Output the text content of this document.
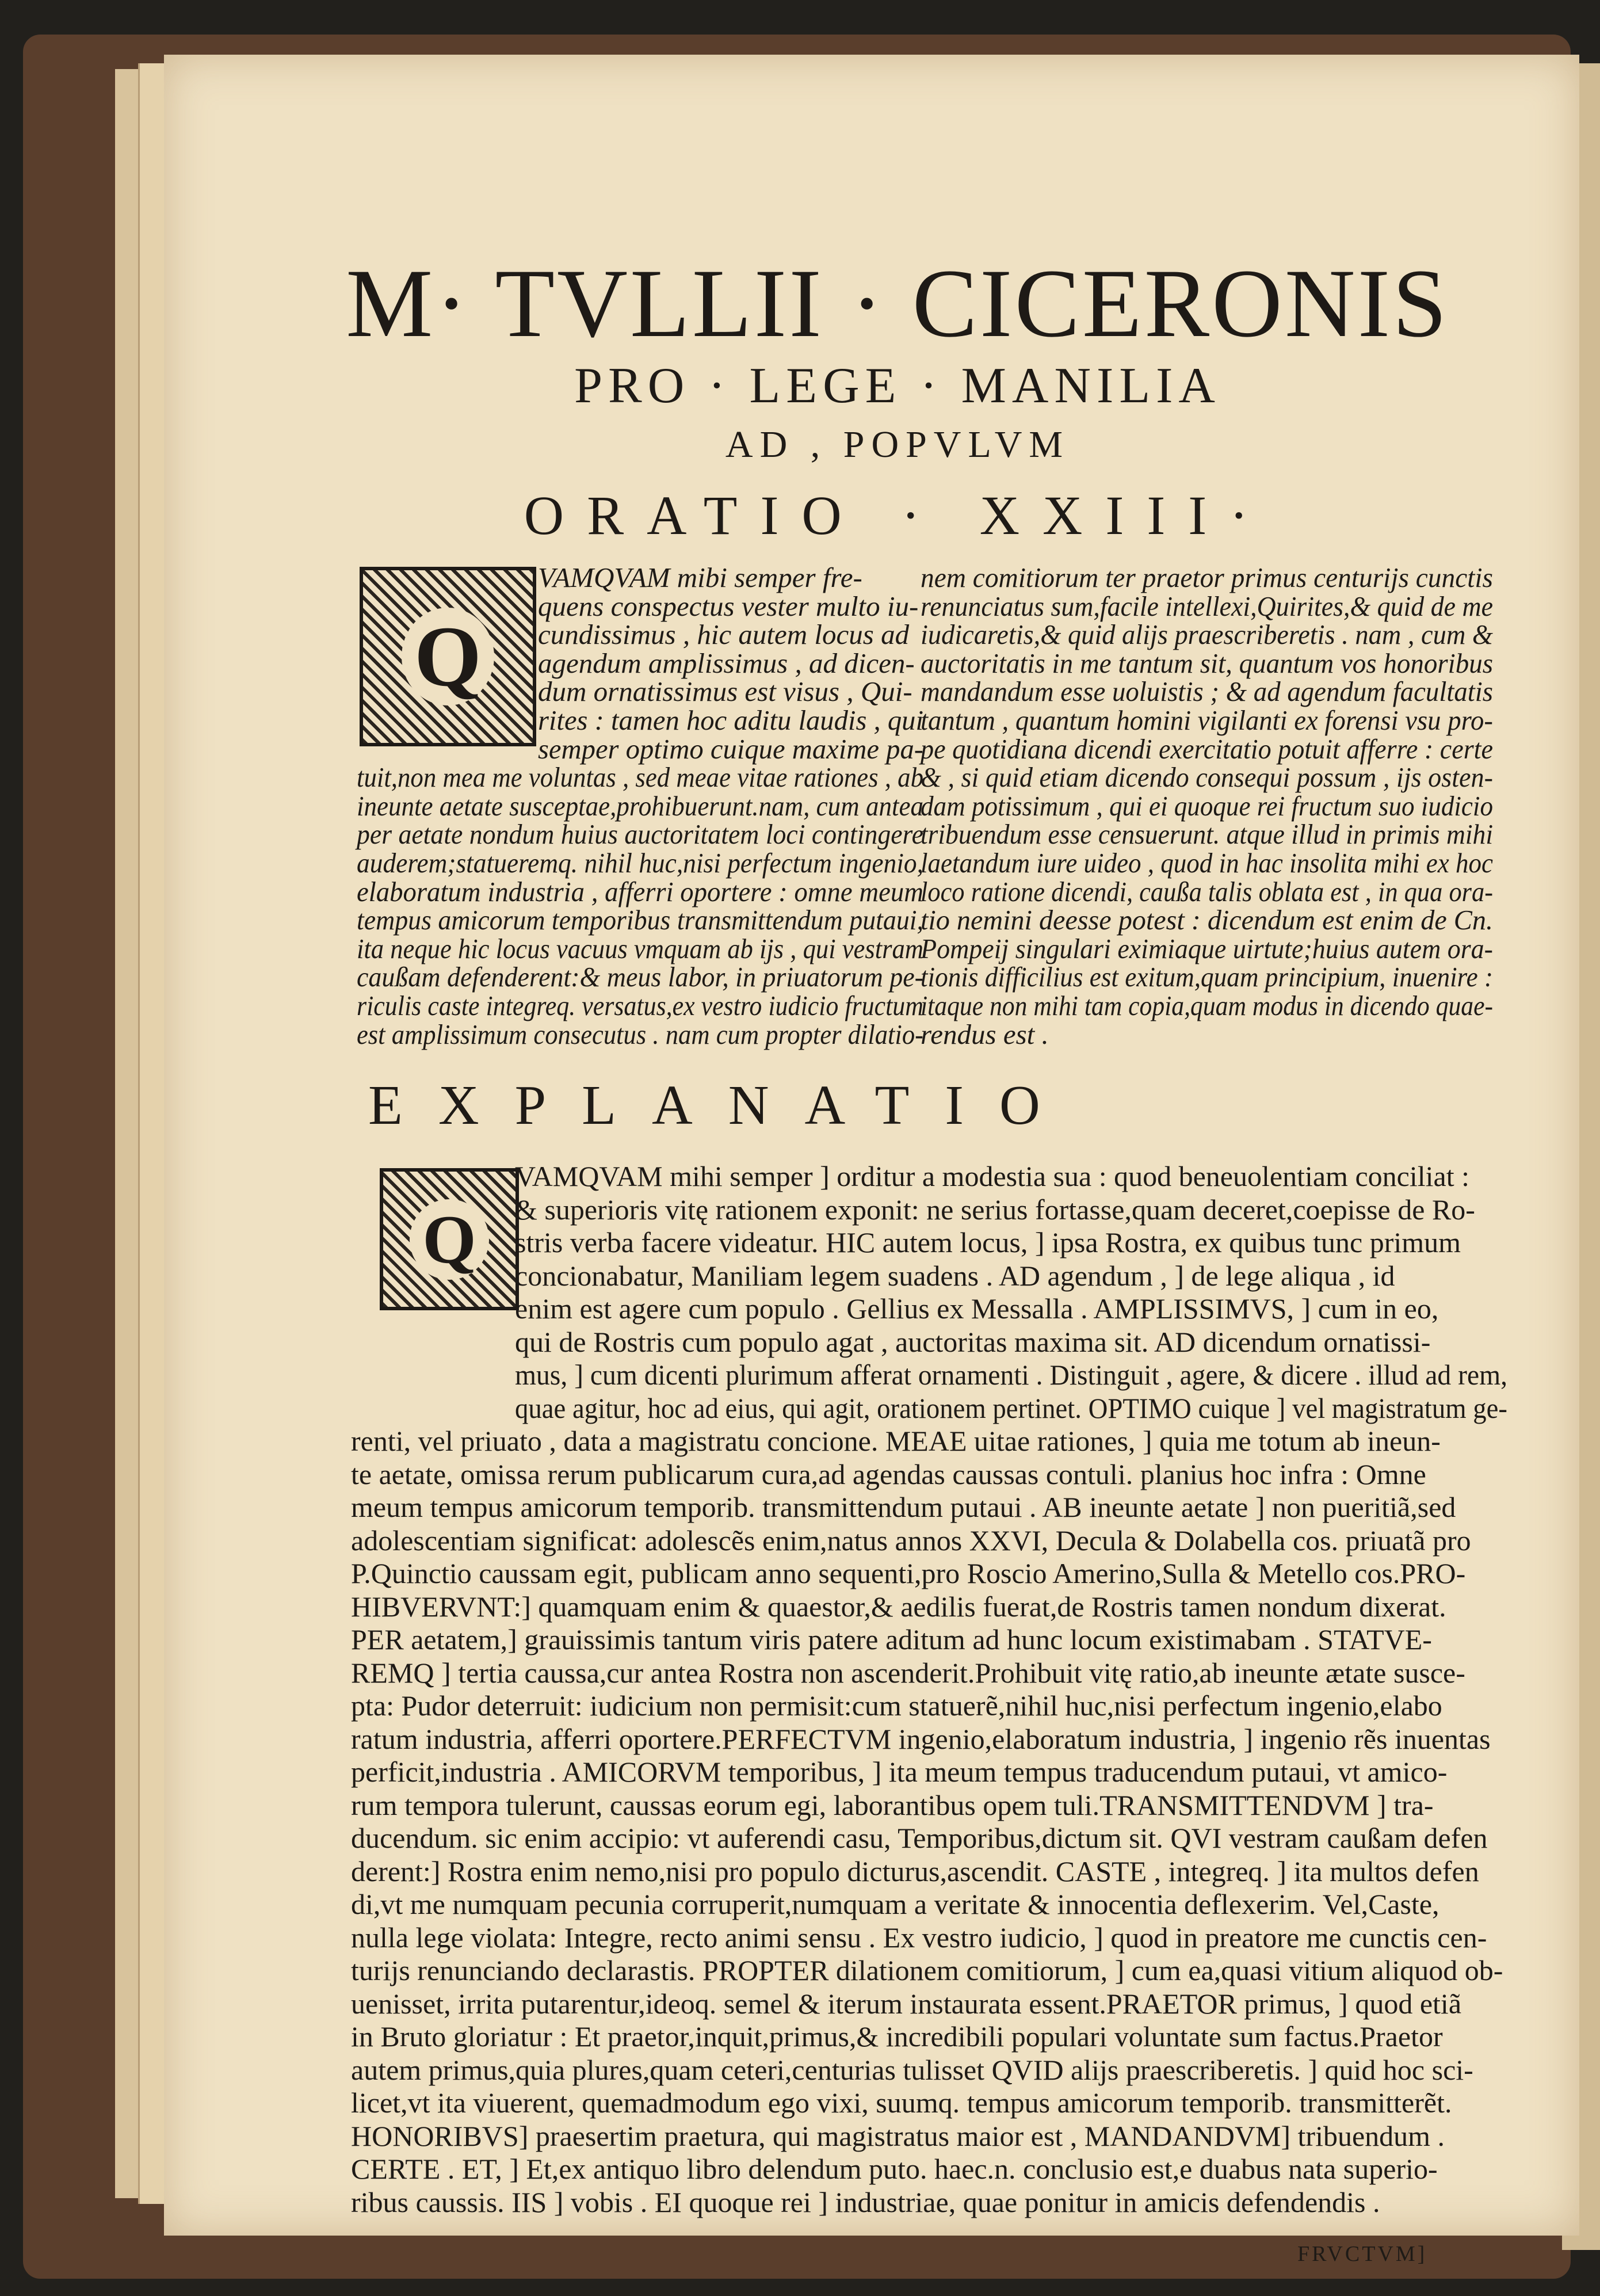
M· TVLLII · CICERONIS
PRO · LEGE · MANILIA
AD , POPVLVM
ORATIO · XXIII·
Q
VAMQVAM mibi semper fre-
quens conspectus vester multo iu-
cundissimus , hic autem locus ad
agendum amplissimus , ad dicen-
dum ornatissimus est visus , Qui-
rites : tamen hoc aditu laudis , qui
semper optimo cuique maxime pa-
tuit,non mea me voluntas , sed meae vitae rationes , ab
ineunte aetate susceptae,prohibuerunt.nam, cum antea
per aetate nondum huius auctoritatem loci contingere
auderem;statueremq. nihil huc,nisi perfectum ingenio,
elaboratum industria , afferri oportere : omne meum
tempus amicorum temporibus transmittendum putaui,
ita neque hic locus vacuus vmquam ab ijs , qui vestram
caußam defenderent:& meus labor, in priuatorum pe-
riculis caste integreq. versatus,ex vestro iudicio fructum
est amplissimum consecutus . nam cum propter dilatio-
nem comitiorum ter praetor primus centurijs cunctis
renunciatus sum,facile intellexi,Quirites,& quid de me
iudicaretis,& quid alijs praescriberetis . nam , cum &
auctoritatis in me tantum sit, quantum vos honoribus
mandandum esse uoluistis ; & ad agendum facultatis
tantum , quantum homini vigilanti ex forensi vsu pro-
pe quotidiana dicendi exercitatio potuit afferre : certe
& , si quid etiam dicendo consequi possum , ijs osten-
dam potissimum , qui ei quoque rei fructum suo iudicio
tribuendum esse censuerunt. atque illud in primis mihi
laetandum iure uideo , quod in hac insolita mihi ex hoc
loco ratione dicendi, caußa talis oblata est , in qua ora-
tio nemini deesse potest : dicendum est enim de Cn.
Pompeij singulari eximiaque uirtute;huius autem ora-
tionis difficilius est exitum,quam principium, inuenire :
itaque non mihi tam copia,quam modus in dicendo quae-
rendus est .
EXPLANATIO
Q
VAMQVAM mihi semper ] orditur a modestia sua : quod beneuolentiam conciliat :
& superioris vitę rationem exponit: ne serius fortasse,quam deceret,coepisse de Ro-
stris verba facere videatur. HIC autem locus, ] ipsa Rostra, ex quibus tunc primum
concionabatur, Maniliam legem suadens . AD agendum , ] de lege aliqua , id
enim est agere cum populo . Gellius ex Messalla . AMPLISSIMVS, ] cum in eo,
qui de Rostris cum populo agat , auctoritas maxima sit. AD dicendum ornatissi-
mus, ] cum dicenti plurimum afferat ornamenti . Distinguit , agere, & dicere . illud ad rem,
quae agitur, hoc ad eius, qui agit, orationem pertinet. OPTIMO cuique ] vel magistratum ge-
renti, vel priuato , data a magistratu concione. MEAE uitae rationes, ] quia me totum ab ineun-
te aetate, omissa rerum publicarum cura,ad agendas caussas contuli. planius hoc infra : Omne
meum tempus amicorum temporib. transmittendum putaui . AB ineunte aetate ] non pueritiã,sed
adolescentiam significat: adolescẽs enim,natus annos XXVI, Decula & Dolabella cos. priuatã pro
P.Quinctio caussam egit, publicam anno sequenti,pro Roscio Amerino,Sulla & Metello cos.PRO-
HIBVERVNT:] quamquam enim & quaestor,& aedilis fuerat,de Rostris tamen nondum dixerat.
PER aetatem,] grauissimis tantum viris patere aditum ad hunc locum existimabam . STATVE-
REMQ ] tertia caussa,cur antea Rostra non ascenderit.Prohibuit vitę ratio,ab ineunte ætate susce-
pta: Pudor deterruit: iudicium non permisit:cum statuerẽ,nihil huc,nisi perfectum ingenio,elabo
ratum industria, afferri oportere.PERFECTVM ingenio,elaboratum industria, ] ingenio rẽs inuentas
perficit,industria . AMICORVM temporibus, ] ita meum tempus traducendum putaui, vt amico-
rum tempora tulerunt, caussas eorum egi, laborantibus opem tuli.TRANSMITTENDVM ] tra-
ducendum. sic enim accipio: vt auferendi casu, Temporibus,dictum sit. QVI vestram caußam defen
derent:] Rostra enim nemo,nisi pro populo dicturus,ascendit. CASTE , integreq. ] ita multos defen
di,vt me numquam pecunia corruperit,numquam a veritate & innocentia deflexerim. Vel,Caste,
nulla lege violata: Integre, recto animi sensu . Ex vestro iudicio, ] quod in preatore me cunctis cen-
turijs renunciando declarastis. PROPTER dilationem comitiorum, ] cum ea,quasi vitium aliquod ob-
uenisset, irrita putarentur,ideoq. semel & iterum instaurata essent.PRAETOR primus, ] quod etiã
in Bruto gloriatur : Et praetor,inquit,primus,& incredibili populari voluntate sum factus.Praetor
autem primus,quia plures,quam ceteri,centurias tulisset QVID alijs praescriberetis. ] quid hoc sci-
licet,vt ita viuerent, quemadmodum ego vixi, suumq. tempus amicorum temporib. transmitterẽt.
HONORIBVS] praesertim praetura, qui magistratus maior est , MANDANDVM] tribuendum .
CERTE . ET, ] Et,ex antiquo libro delendum puto. haec.n. conclusio est,e duabus nata superio-
ribus caussis. IIS ] vobis . EI quoque rei ] industriae, quae ponitur in amicis defendendis .
FRVCTVM]
